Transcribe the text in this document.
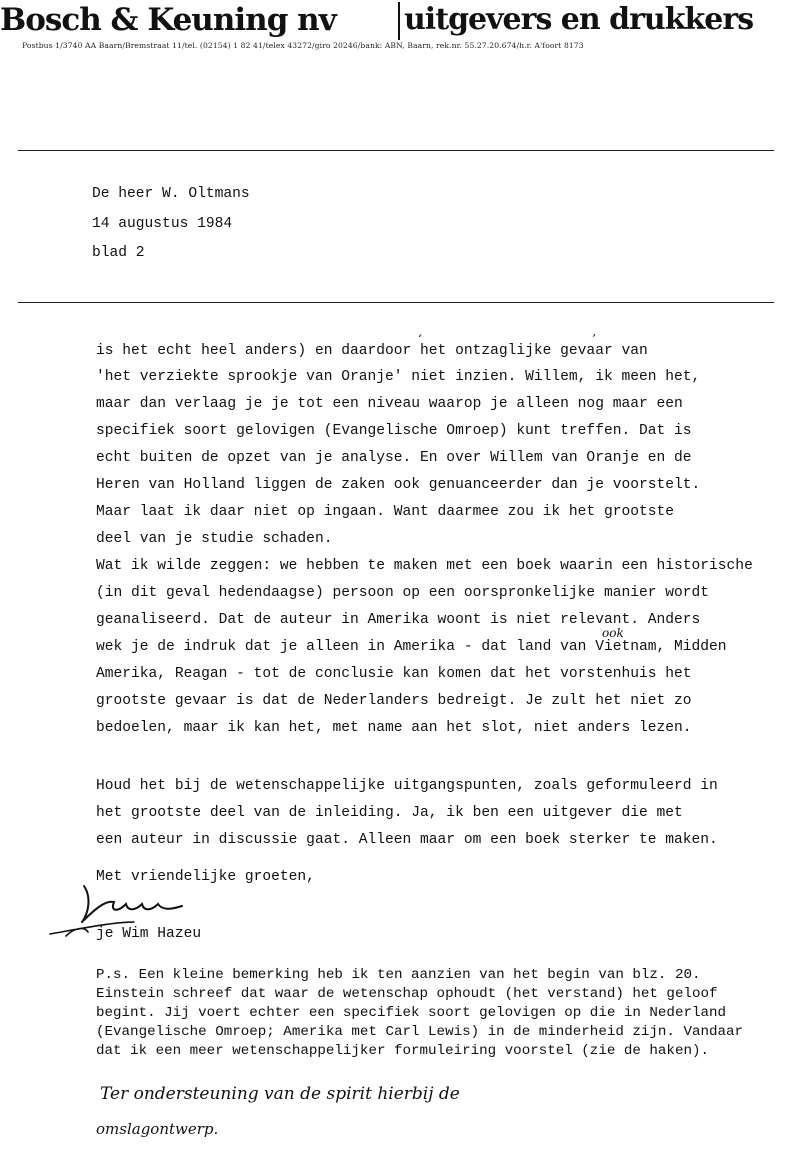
Bosch & Keuning nv uitgevers en drukkers
Postbus 1/3740 AA Baarn/Bremstraat 11/tel. (02154) 1 82 41/telex 43272/giro 20246/bank: ABN, Baarn, rek.nr. 55.27.20.674/h.r. A'foort 8173
De heer W. Oltmans
14 augustus 1984
blad 2
is het echt heel anders) en daardoor het ontzaglijke gevaar van
'het verziekte sprookje van Oranje' niet inzien. Willem, ik meen het,
maar dan verlaag je je tot een niveau waarop je alleen nog maar een
specifiek soort gelovigen (Evangelische Omroep) kunt treffen. Dat is
echt buiten de opzet van je analyse. En over Willem van Oranje en de
Heren van Holland liggen de zaken ook genuanceerder dan je voorstelt.
Maar laat ik daar niet op ingaan. Want daarmee zou ik het grootste
deel van je studie schaden.
Wat ik wilde zeggen: we hebben te maken met een boek waarin een historische
(in dit geval hedendaagse) persoon op een oorspronkelijke manier wordt
geanaliseerd. Dat de auteur in Amerika woont is niet relevant. Anders
wek je de indruk dat je alleen in Amerika - dat land van Vietnam, Midden
Amerika, Reagan - tot de conclusie kan komen dat het vorstenhuis het
grootste gevaar is dat de Nederlanders bedreigt. Je zult het niet zo
bedoelen, maar ik kan het, met name aan het slot, niet anders lezen.
‘	’
ook
Houd het bij de wetenschappelijke uitgangspunten, zoals geformuleerd in
het grootste deel van de inleiding. Ja, ik ben een uitgever die met
een auteur in discussie gaat. Alleen maar om een boek sterker te maken.
Met vriendelijke groeten,
je Wim Hazeu
P.s. Een kleine bemerking heb ik ten aanzien van het begin van blz. 20.
Einstein schreef dat waar de wetenschap ophoudt (het verstand) het geloof
begint. Jij voert echter een specifiek soort gelovigen op die in Nederland
(Evangelische Omroep; Amerika met Carl Lewis) in de minderheid zijn. Vandaar
dat ik een meer wetenschappelijker formuleiring voorstel (zie de haken).
Ter ondersteuning van de spirit hierbij de
omslagontwerp.
